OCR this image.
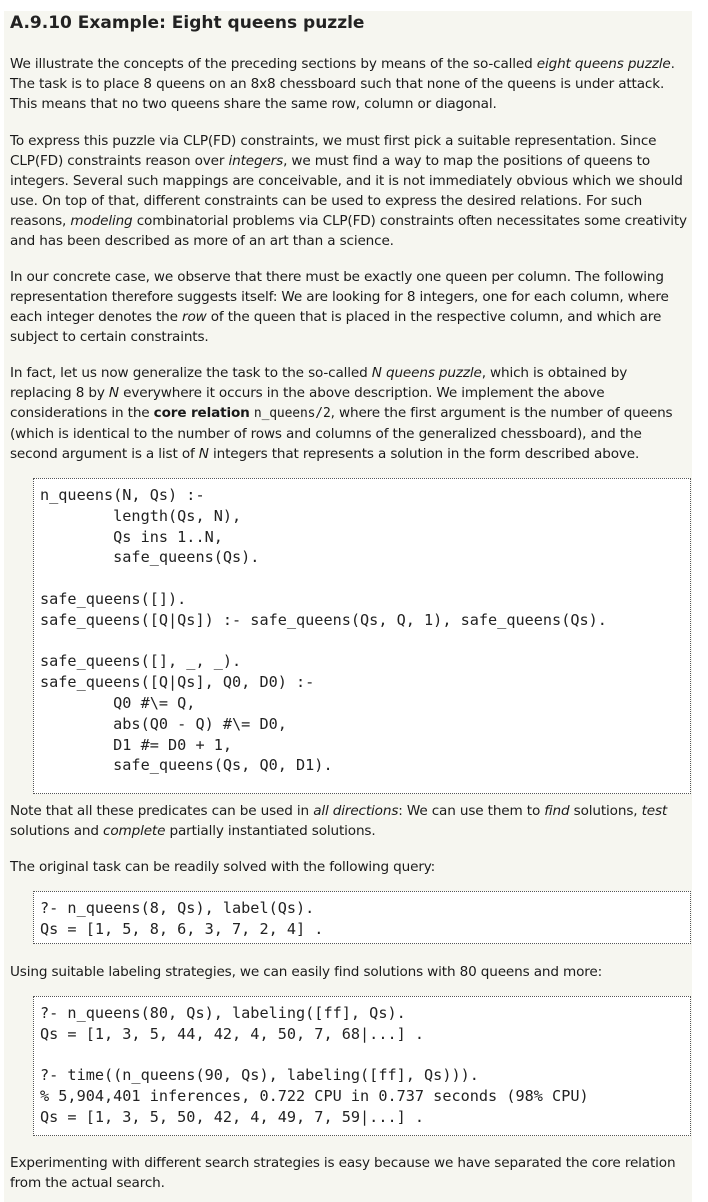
A.9.10 Example: Eight queens puzzle

We illustrate the concepts of the preceding sections by means of the so-called eight queens puzzle. The task is to place 8 queens on an 8x8 chessboard such that none of the queens is under attack. This means that no two queens share the same row, column or diagonal.

To express this puzzle via CLP(FD) constraints, we must first pick a suitable representation. Since CLP(FD) constraints reason over integers, we must find a way to map the positions of queens to integers. Several such mappings are conceivable, and it is not immediately obvious which we should use. On top of that, different constraints can be used to express the desired relations. For such reasons, modeling combinatorial problems via CLP(FD) constraints often necessitates some creativity and has been described as more of an art than a science.

In our concrete case, we observe that there must be exactly one queen per column. The following representation therefore suggests itself: We are looking for 8 integers, one for each column, where each integer denotes the row of the queen that is placed in the respective column, and which are subject to certain constraints.

In fact, let us now generalize the task to the so-called N queens puzzle, which is obtained by replacing 8 by N everywhere it occurs in the above description. We implement the above considerations in the core relation n_queens/2, where the first argument is the number of queens (which is identical to the number of rows and columns of the generalized chessboard), and the second argument is a list of N integers that represents a solution in the form described above.

n_queens(N, Qs) :-
length(Qs, N),
Qs ins 1..N,
safe_queens(Qs).

safe_queens([]).
safe_queens([Q|Qs]) :- safe_queens(Qs, Q, 1), safe_queens(Qs).

safe_queens([], _, _).
safe_queens([Q|Qs], Q0, D0) :-
Q0 #\= Q,
abs(Q0 - Q) #\= D0,
D1 #= D0 + 1,
safe_queens(Qs, Q0, D1).

Note that all these predicates can be used in all directions: We can use them to find solutions, test solutions and complete partially instantiated solutions.

The original task can be readily solved with the following query:

?- n_queens(8, Qs), label(Qs).
Qs = [1, 5, 8, 6, 3, 7, 2, 4] .

Using suitable labeling strategies, we can easily find solutions with 80 queens and more:

?- n_queens(80, Qs), labeling([ff], Qs).
Qs = [1, 3, 5, 44, 42, 4, 50, 7, 68|...] .

?- time((n_queens(90, Qs), labeling([ff], Qs))).
% 5,904,401 inferences, 0.722 CPU in 0.737 seconds (98% CPU)
Qs = [1, 3, 5, 50, 42, 4, 49, 7, 59|...] .

Experimenting with different search strategies is easy because we have separated the core relation from the actual search.
